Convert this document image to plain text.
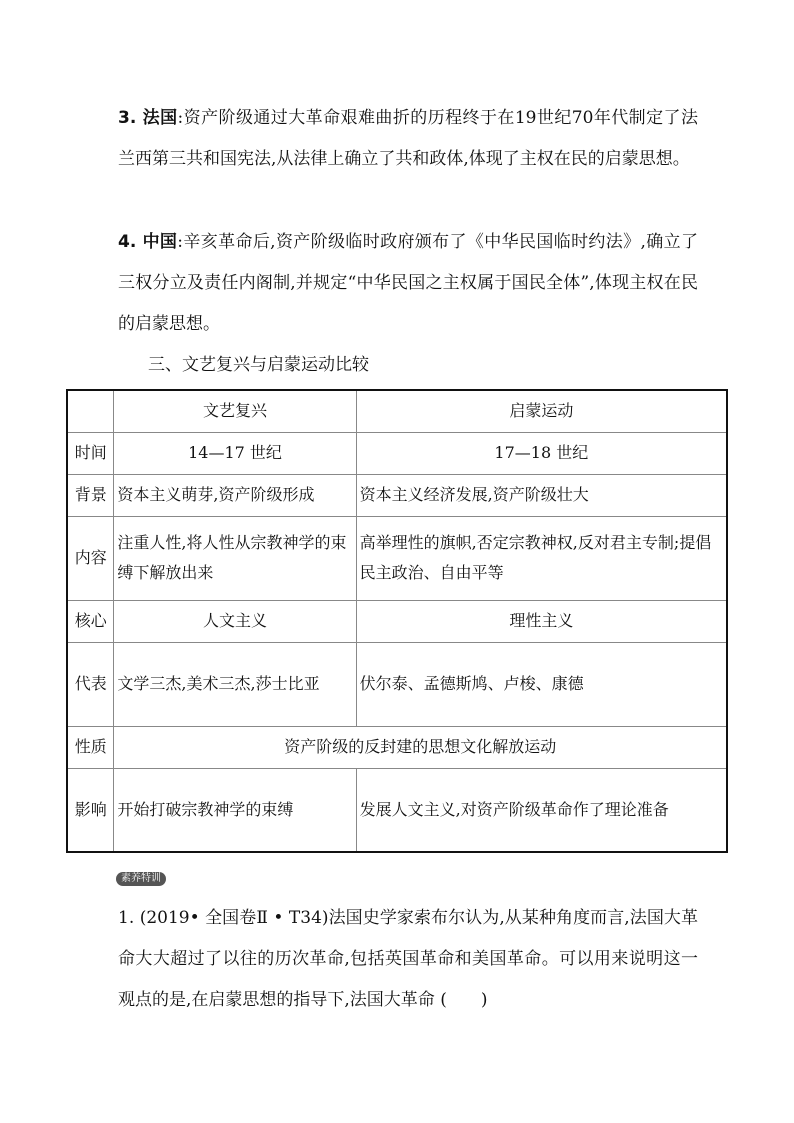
3. 法国:资产阶级通过大革命艰难曲折的历程终于在19世纪70年代制定了法兰西第三共和国宪法,从法律上确立了共和政体,体现了主权在民的启蒙思想。

4. 中国:辛亥革命后,资产阶级临时政府颁布了《中华民国临时约法》,确立了三权分立及责任内阁制,并规定“中华民国之主权属于国民全体”,体现主权在民的启蒙思想。

三、文艺复兴与启蒙运动比较

	文艺复兴	启蒙运动
时间	14—17 世纪	17—18 世纪
背景	资本主义萌芽,资产阶级形成	资本主义经济发展,资产阶级壮大
内容	注重人性,将人性从宗教神学的束缚下解放出来	高举理性的旗帜,否定宗教神权,反对君主专制;提倡民主政治、自由平等
核心	人文主义	理性主义
代表	文学三杰,美术三杰,莎士比亚	伏尔泰、孟德斯鸠、卢梭、康德
性质	资产阶级的反封建的思想文化解放运动	
影响	开始打破宗教神学的束缚	发展人文主义,对资产阶级革命作了理论准备
素养特训

1. (2019• 全国卷Ⅱ • T34)法国史学家索布尔认为,从某种角度而言,法国大革命大大超过了以往的历次革命,包括英国革命和美国革命。可以用来说明这一观点的是,在启蒙思想的指导下,法国大革命 (　　)
